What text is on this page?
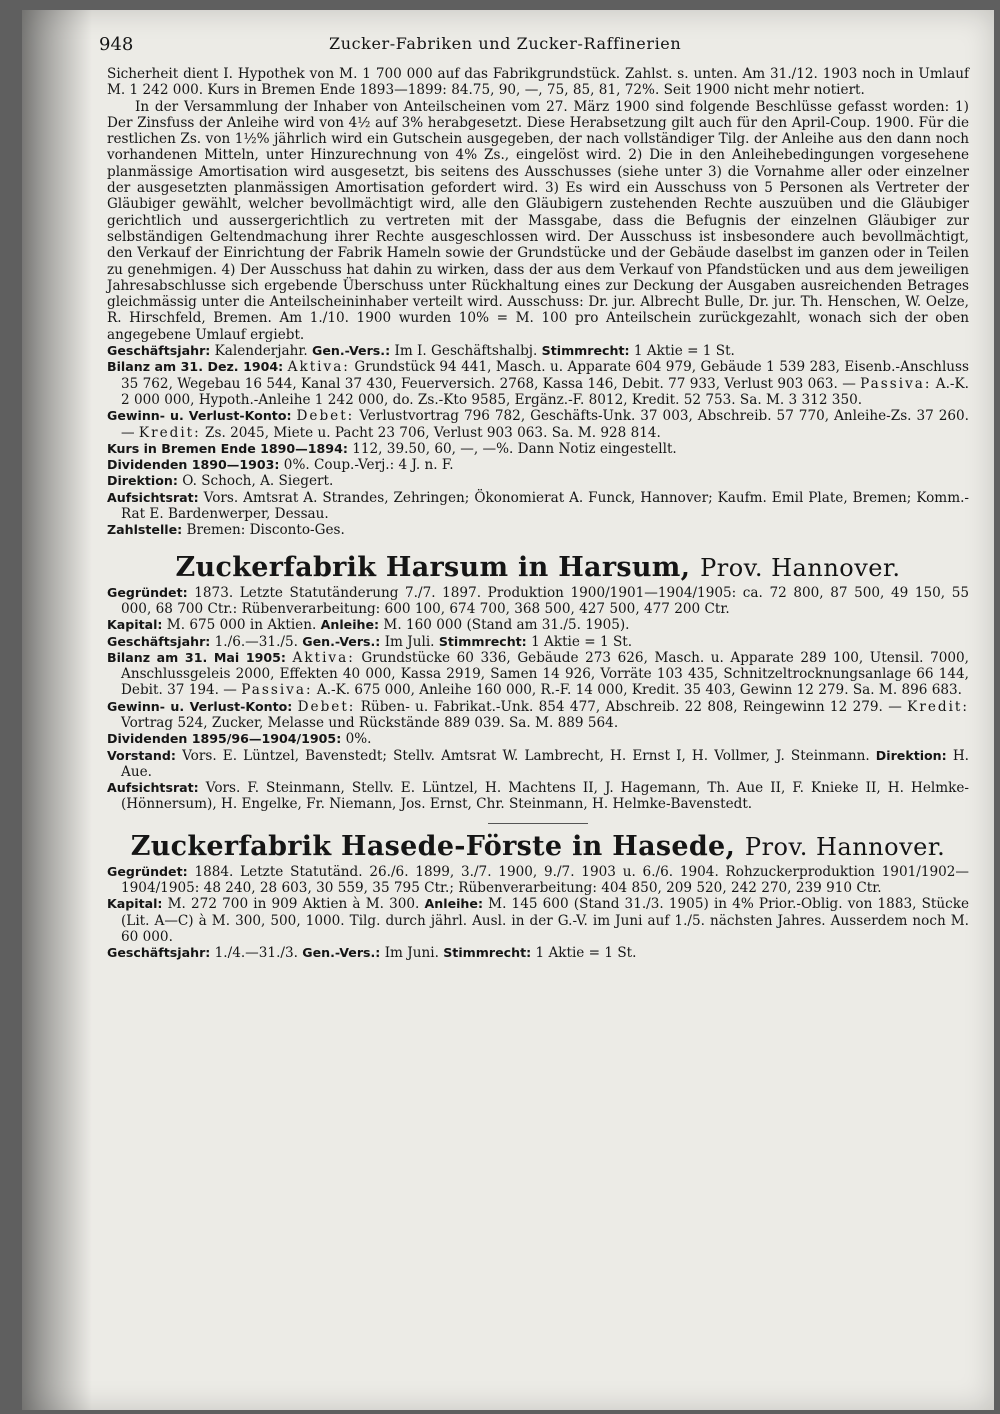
948	Zucker-Fabriken und Zucker-Raffinerien

Sicherheit dient I. Hypothek von M. 1 700 000 auf das Fabrikgrundstück. Zahlst. s. unten. Am 31./12. 1903 noch in Umlauf M. 1 242 000. Kurs in Bremen Ende 1893—1899: 84.75, 90, —, 75, 85, 81, 72%. Seit 1900 nicht mehr notiert.

In der Versammlung der Inhaber von Anteilscheinen vom 27. März 1900 sind folgende Beschlüsse gefasst worden: 1) Der Zinsfuss der Anleihe wird von 4½ auf 3% herabgesetzt. Diese Herabsetzung gilt auch für den April-Coup. 1900. Für die restlichen Zs. von 1½% jährlich wird ein Gutschein ausgegeben, der nach vollständiger Tilg. der Anleihe aus den dann noch vorhandenen Mitteln, unter Hinzurechnung von 4% Zs., eingelöst wird. 2) Die in den Anleihebedingungen vorgesehene planmässige Amortisation wird ausgesetzt, bis seitens des Ausschusses (siehe unter 3) die Vornahme aller oder einzelner der ausgesetzten planmässigen Amortisation gefordert wird. 3) Es wird ein Ausschuss von 5 Personen als Vertreter der Gläubiger gewählt, welcher bevollmächtigt wird, alle den Gläubigern zustehenden Rechte auszuüben und die Gläubiger gerichtlich und aussergerichtlich zu vertreten mit der Massgabe, dass die Befugnis der einzelnen Gläubiger zur selbständigen Geltendmachung ihrer Rechte ausgeschlossen wird. Der Ausschuss ist insbesondere auch bevollmächtigt, den Verkauf der Einrichtung der Fabrik Hameln sowie der Grundstücke und der Gebäude daselbst im ganzen oder in Teilen zu genehmigen. 4) Der Ausschuss hat dahin zu wirken, dass der aus dem Verkauf von Pfandstücken und aus dem jeweiligen Jahresabschlusse sich ergebende Überschuss unter Rückhaltung eines zur Deckung der Ausgaben ausreichenden Betrages gleichmässig unter die Anteilscheininhaber verteilt wird. Ausschuss: Dr. jur. Albrecht Bulle, Dr. jur. Th. Henschen, W. Oelze, R. Hirschfeld, Bremen. Am 1./10. 1900 wurden 10% = M. 100 pro Anteilschein zurückgezahlt, wonach sich der oben angegebene Umlauf ergiebt.

Geschäftsjahr: Kalenderjahr. Gen.-Vers.: Im I. Geschäftshalbj. Stimmrecht: 1 Aktie = 1 St.

Bilanz am 31. Dez. 1904: Aktiva: Grundstück 94 441, Masch. u. Apparate 604 979, Gebäude 1 539 283, Eisenb.-Anschluss 35 762, Wegebau 16 544, Kanal 37 430, Feuerversich. 2768, Kassa 146, Debit. 77 933, Verlust 903 063. — Passiva: A.-K. 2 000 000, Hypoth.-Anleihe 1 242 000, do. Zs.-Kto 9585, Ergänz.-F. 8012, Kredit. 52 753. Sa. M. 3 312 350.

Gewinn- u. Verlust-Konto: Debet: Verlustvortrag 796 782, Geschäfts-Unk. 37 003, Abschreib. 57 770, Anleihe-Zs. 37 260. — Kredit: Zs. 2045, Miete u. Pacht 23 706, Verlust 903 063. Sa. M. 928 814.

Kurs in Bremen Ende 1890—1894: 112, 39.50, 60, —, —%. Dann Notiz eingestellt.

Dividenden 1890—1903: 0%. Coup.-Verj.: 4 J. n. F.

Direktion: O. Schoch, A. Siegert.

Aufsichtsrat: Vors. Amtsrat A. Strandes, Zehringen; Ökonomierat A. Funck, Hannover; Kaufm. Emil Plate, Bremen; Komm.-Rat E. Bardenwerper, Dessau.

Zahlstelle: Bremen: Disconto-Ges.

Zuckerfabrik Harsum in Harsum, Prov. Hannover.

Gegründet: 1873. Letzte Statutänderung 7./7. 1897. Produktion 1900/1901—1904/1905: ca. 72 800, 87 500, 49 150, 55 000, 68 700 Ctr.: Rübenverarbeitung: 600 100, 674 700, 368 500, 427 500, 477 200 Ctr.

Kapital: M. 675 000 in Aktien. Anleihe: M. 160 000 (Stand am 31./5. 1905).

Geschäftsjahr: 1./6.—31./5. Gen.-Vers.: Im Juli. Stimmrecht: 1 Aktie = 1 St.

Bilanz am 31. Mai 1905: Aktiva: Grundstücke 60 336, Gebäude 273 626, Masch. u. Apparate 289 100, Utensil. 7000, Anschlussgeleis 2000, Effekten 40 000, Kassa 2919, Samen 14 926, Vorräte 103 435, Schnitzeltrocknungsanlage 66 144, Debit. 37 194. — Passiva: A.-K. 675 000, Anleihe 160 000, R.-F. 14 000, Kredit. 35 403, Gewinn 12 279. Sa. M. 896 683.

Gewinn- u. Verlust-Konto: Debet: Rüben- u. Fabrikat.-Unk. 854 477, Abschreib. 22 808, Reingewinn 12 279. — Kredit: Vortrag 524, Zucker, Melasse und Rückstände 889 039. Sa. M. 889 564.

Dividenden 1895/96—1904/1905: 0%.

Vorstand: Vors. E. Lüntzel, Bavenstedt; Stellv. Amtsrat W. Lambrecht, H. Ernst I, H. Vollmer, J. Steinmann. Direktion: H. Aue.

Aufsichtsrat: Vors. F. Steinmann, Stellv. E. Lüntzel, H. Machtens II, J. Hagemann, Th. Aue II, F. Knieke II, H. Helmke-(Hönnersum), H. Engelke, Fr. Niemann, Jos. Ernst, Chr. Steinmann, H. Helmke-Bavenstedt.

Zuckerfabrik Hasede-Förste in Hasede, Prov. Hannover.

Gegründet: 1884. Letzte Statutänd. 26./6. 1899, 3./7. 1900, 9./7. 1903 u. 6./6. 1904. Rohzuckerproduktion 1901/1902—1904/1905: 48 240, 28 603, 30 559, 35 795 Ctr.; Rübenverarbeitung: 404 850, 209 520, 242 270, 239 910 Ctr.

Kapital: M. 272 700 in 909 Aktien à M. 300. Anleihe: M. 145 600 (Stand 31./3. 1905) in 4% Prior.-Oblig. von 1883, Stücke (Lit. A—C) à M. 300, 500, 1000. Tilg. durch jährl. Ausl. in der G.-V. im Juni auf 1./5. nächsten Jahres. Ausserdem noch M. 60 000.

Geschäftsjahr: 1./4.—31./3. Gen.-Vers.: Im Juni. Stimmrecht: 1 Aktie = 1 St.
